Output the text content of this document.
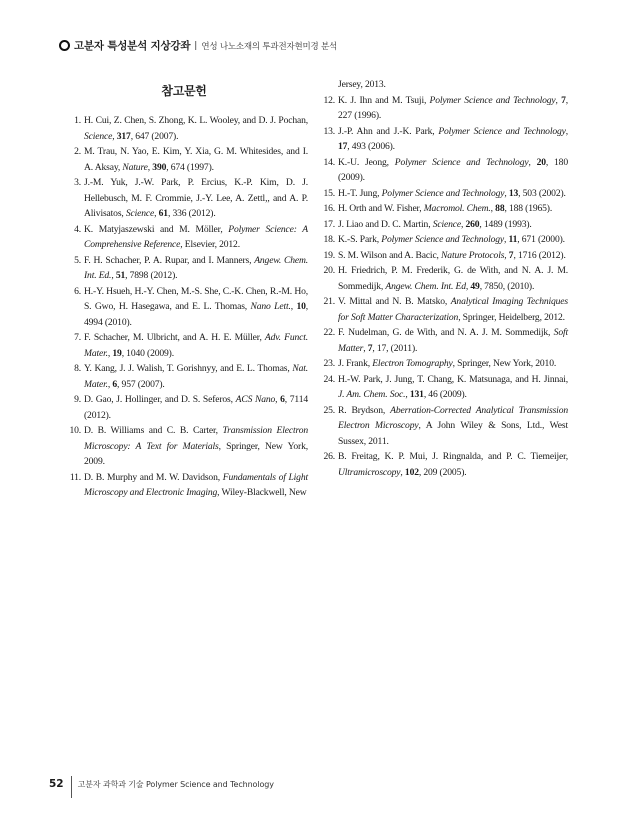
고분자 특성분석 지상강좌 | 연성 나노소재의 투과전자현미경 분석
참고문헌
1. H. Cui, Z. Chen, S. Zhong, K. L. Wooley, and D. J. Pochan, Science, 317, 647 (2007).
2. M. Trau, N. Yao, E. Kim, Y. Xia, G. M. Whitesides, and I. A. Aksay, Nature, 390, 674 (1997).
3. J.-M. Yuk, J.-W. Park, P. Ercius, K.-P. Kim, D. J. Hellebusch, M. F. Crommie, J.-Y. Lee, A. Zettl,, and A. P. Alivisatos, Science, 61, 336 (2012).
4. K. Matyjaszewski and M. Möller, Polymer Science: A Comprehensive Reference, Elsevier, 2012.
5. F. H. Schacher, P. A. Rupar, and I. Manners, Angew. Chem. Int. Ed., 51, 7898 (2012).
6. H.-Y. Hsueh, H.-Y. Chen, M.-S. She, C.-K. Chen, R.-M. Ho, S. Gwo, H. Hasegawa, and E. L. Thomas, Nano Lett., 10, 4994 (2010).
7. F. Schacher, M. Ulbricht, and A. H. E. Müller, Adv. Funct. Mater., 19, 1040 (2009).
8. Y. Kang, J. J. Walish, T. Gorishnyy, and E. L. Thomas, Nat. Mater., 6, 957 (2007).
9. D. Gao, J. Hollinger, and D. S. Seferos, ACS Nano, 6, 7114 (2012).
10. D. B. Williams and C. B. Carter, Transmission Electron Microscopy: A Text for Materials, Springer, New York, 2009.
11. D. B. Murphy and M. W. Davidson, Fundamentals of Light Microscopy and Electronic Imaging, Wiley-Blackwell, New
Jersey, 2013.
12. K. J. Ihn and M. Tsuji, Polymer Science and Technology, 7, 227 (1996).
13. J.-P. Ahn and J.-K. Park, Polymer Science and Technology, 17, 493 (2006).
14. K.-U. Jeong, Polymer Science and Technology, 20, 180 (2009).
15. H.-T. Jung, Polymer Science and Technology, 13, 503 (2002).
16. H. Orth and W. Fisher, Macromol. Chem., 88, 188 (1965).
17. J. Liao and D. C. Martin, Science, 260, 1489 (1993).
18. K.-S. Park, Polymer Science and Technology, 11, 671 (2000).
19. S. M. Wilson and A. Bacic, Nature Protocols, 7, 1716 (2012).
20. H. Friedrich, P. M. Frederik, G. de With, and N. A. J. M. Sommedijk, Angew. Chem. Int. Ed, 49, 7850, (2010).
21. V. Mittal and N. B. Matsko, Analytical Imaging Techniques for Soft Matter Characterization, Springer, Heidelberg, 2012.
22. F. Nudelman, G. de With, and N. A. J. M. Sommedijk, Soft Matter, 7, 17, (2011).
23. J. Frank, Electron Tomography, Springer, New York, 2010.
24. H.-W. Park, J. Jung, T. Chang, K. Matsunaga, and H. Jinnai, J. Am. Chem. Soc., 131, 46 (2009).
25. R. Brydson, Aberration-Corrected Analytical Transmission Electron Microscopy, A John Wiley & Sons, Ltd., West Sussex, 2011.
26. B. Freitag, K. P. Mui, J. Ringnalda, and P. C. Tiemeijer, Ultramicroscopy, 102, 209 (2005).
52 고분자 과학과 기술 Polymer Science and Technology
